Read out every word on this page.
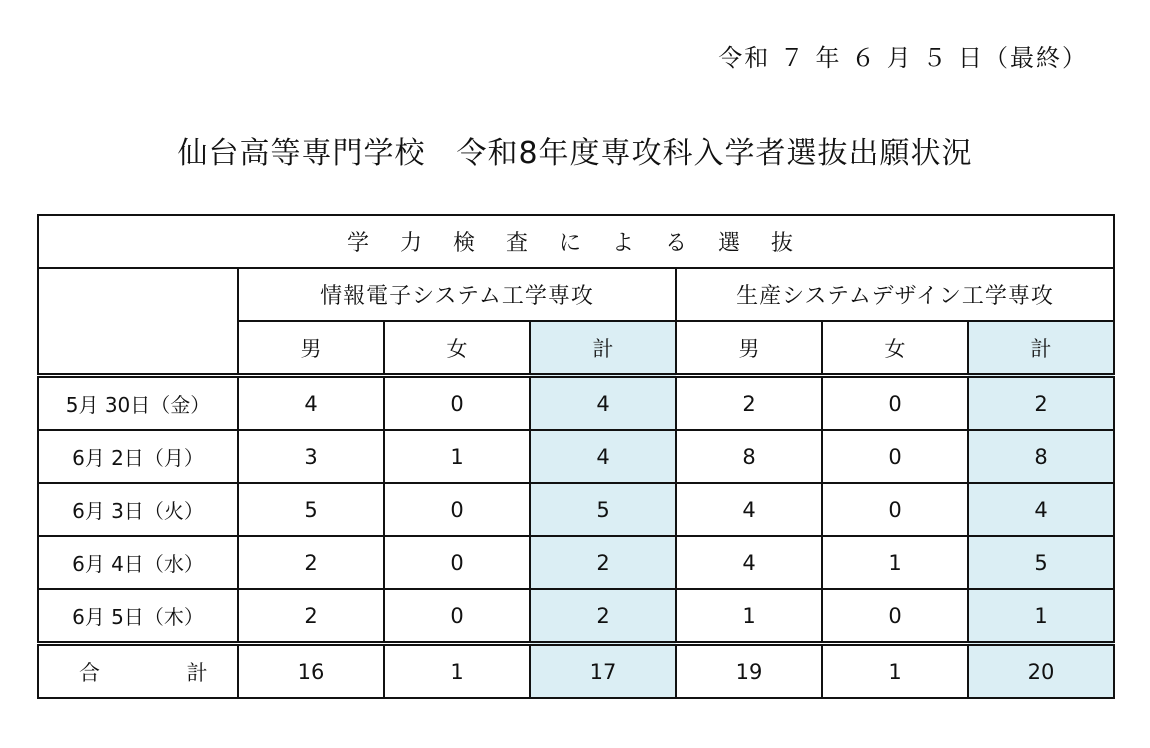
令和 ７ 年 ６ 月 ５ 日（最終）
仙台高等専門学校　令和8年度専攻科入学者選抜出願状況
学 力 検 査 に よ る 選 抜						
	情報電子システム工学専攻			生産システムデザイン工学専攻		
	男	女	計	男	女	計
5月 30日（金）	4	0	4	2	0	2
6月 2日（月）	3	1	4	8	0	8
6月 3日（火）	5	0	5	4	0	4
6月 4日（水）	2	0	2	4	1	5
6月 5日（木）	2	0	2	1	0	1
合 計	16	1	17	19	1	20
